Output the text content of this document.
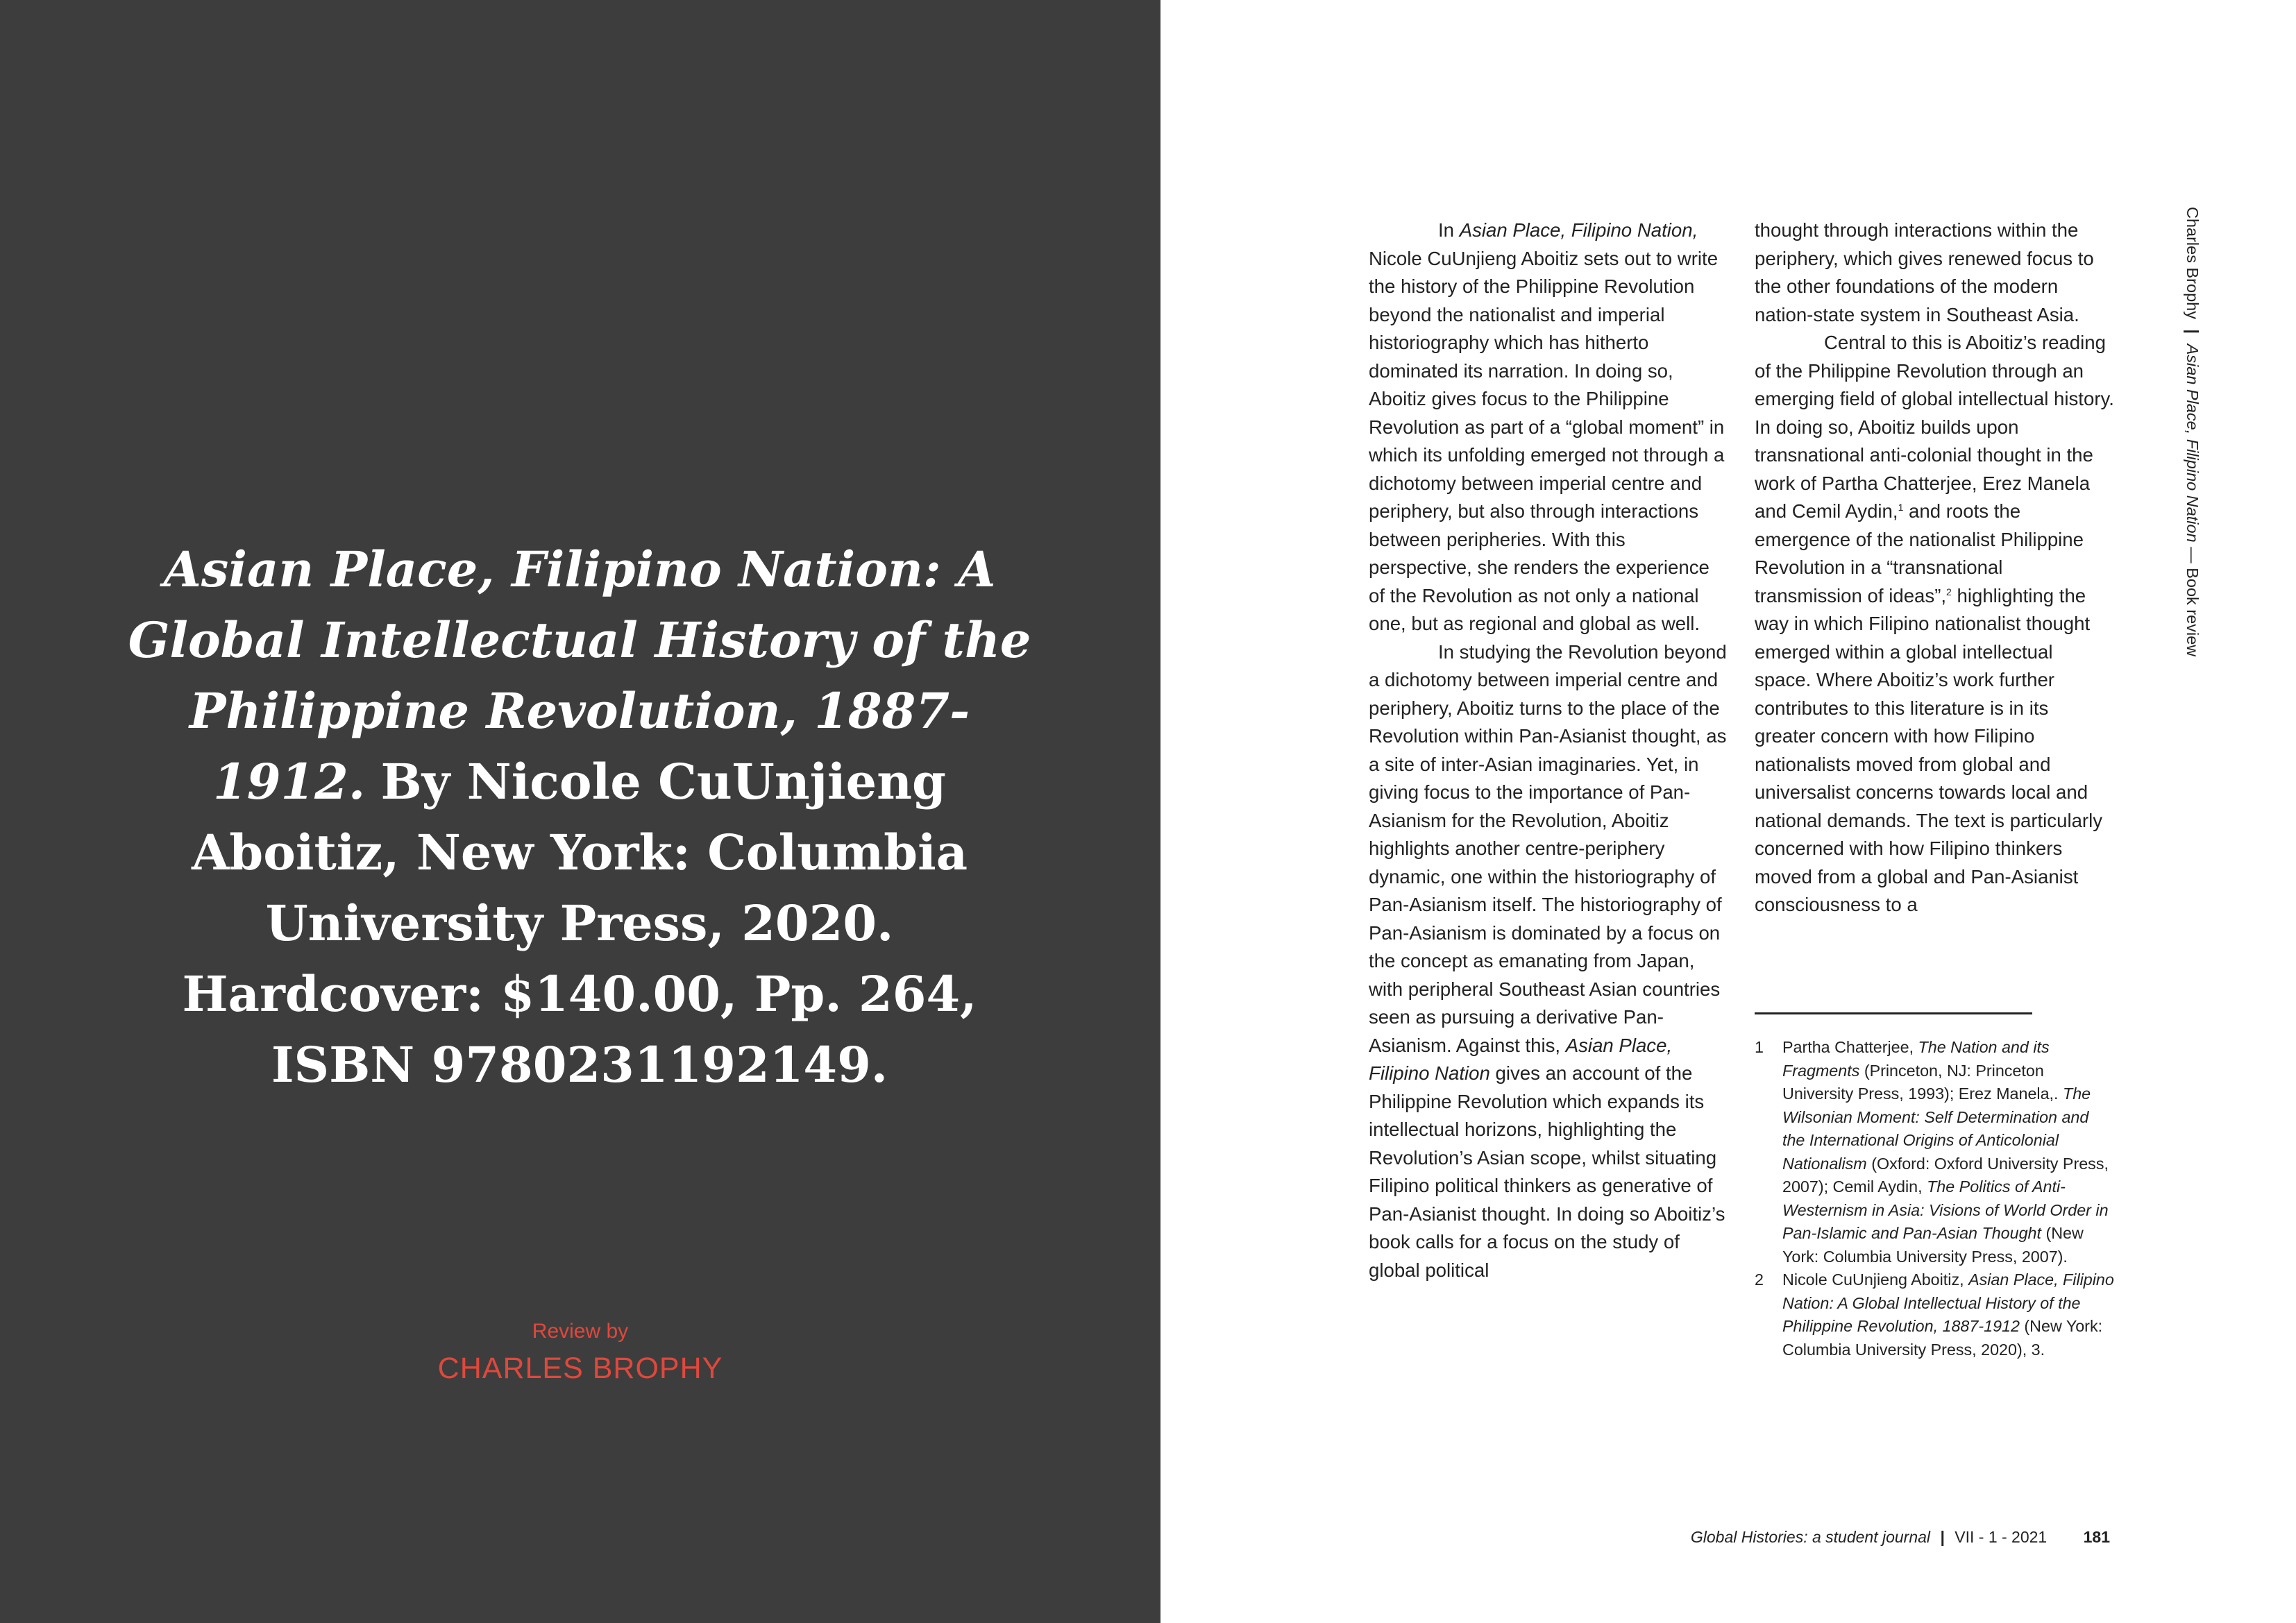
Asian Place, Filipino Nation: A Global Intellectual History of the Philippine Revolution, 1887-1912. By Nicole CuUnjieng Aboitiz, New York: Columbia University Press, 2020. Hardcover: $140.00, Pp. 264, ISBN 9780231192149.
Review by
CHARLES BROPHY

In Asian Place, Filipino Nation, Nicole CuUnjieng Aboitiz sets out to write the history of the Philippine Revolution beyond the nationalist and imperial historiography which has hitherto dominated its narration. In doing so, Aboitiz gives focus to the Philippine Revolution as part of a “global moment” in which its unfolding emerged not through a dichotomy between imperial centre and periphery, but also through interactions between peripheries. With this perspective, she renders the experience of the Revolution as not only a national one, but as regional and global as well.

In studying the Revolution beyond a dichotomy between imperial centre and periphery, Aboitiz turns to the place of the Revolution within Pan-Asianist thought, as a site of inter-Asian imaginaries. Yet, in giving focus to the importance of Pan-Asianism for the Revolution, Aboitiz highlights another centre-periphery dynamic, one within the historiography of Pan-Asianism itself. The historiography of Pan-Asianism is dominated by a focus on the concept as emanating from Japan, with peripheral Southeast Asian countries seen as pursuing a derivative Pan-Asianism. Against this, Asian Place, Filipino Nation gives an account of the Philippine Revolution which expands its intellectual horizons, highlighting the Revolution’s Asian scope, whilst situating Filipino political thinkers as generative of Pan-Asianist thought. In doing so Aboitiz’s book calls for a focus on the study of global political

thought through interactions within the periphery, which gives renewed focus to the other foundations of the modern nation-state system in Southeast Asia.

Central to this is Aboitiz’s reading of the Philippine Revolution through an emerging field of global intellectual history. In doing so, Aboitiz builds upon transnational anti-colonial thought in the work of Partha Chatterjee, Erez Manela and Cemil Aydin,$^1$ and roots the emergence of the nationalist Philippine Revolution in a “transnational transmission of ideas”,$^2$ highlighting the way in which Filipino nationalist thought emerged within a global intellectual space. Where Aboitiz’s work further contributes to this literature is in its greater concern with how Filipino nationalists moved from global and universalist concerns towards local and national demands. The text is particularly concerned with how Filipino thinkers moved from a global and Pan-Asianist consciousness to a

1	Partha Chatterjee, The Nation and its Fragments (Princeton, NJ: Princeton University Press, 1993); Erez Manela,. The Wilsonian Moment: Self Determination and the International Origins of Anticolonial Nationalism (Oxford: Oxford University Press, 2007); Cemil Aydin, The Politics of Anti-Westernism in Asia: Visions of World Order in Pan-Islamic and Pan-Asian Thought (New York: Columbia University Press, 2007).
2	Nicole CuUnjieng Aboitiz, Asian Place, Filipino Nation: A Global Intellectual History of the Philippine Revolution, 1887-1912 (New York: Columbia University Press, 2020), 3.
Charles Brophy | Asian Place, Filipino Nation — Book review
Global Histories: a student journal | VII - 1 - 2021 181
